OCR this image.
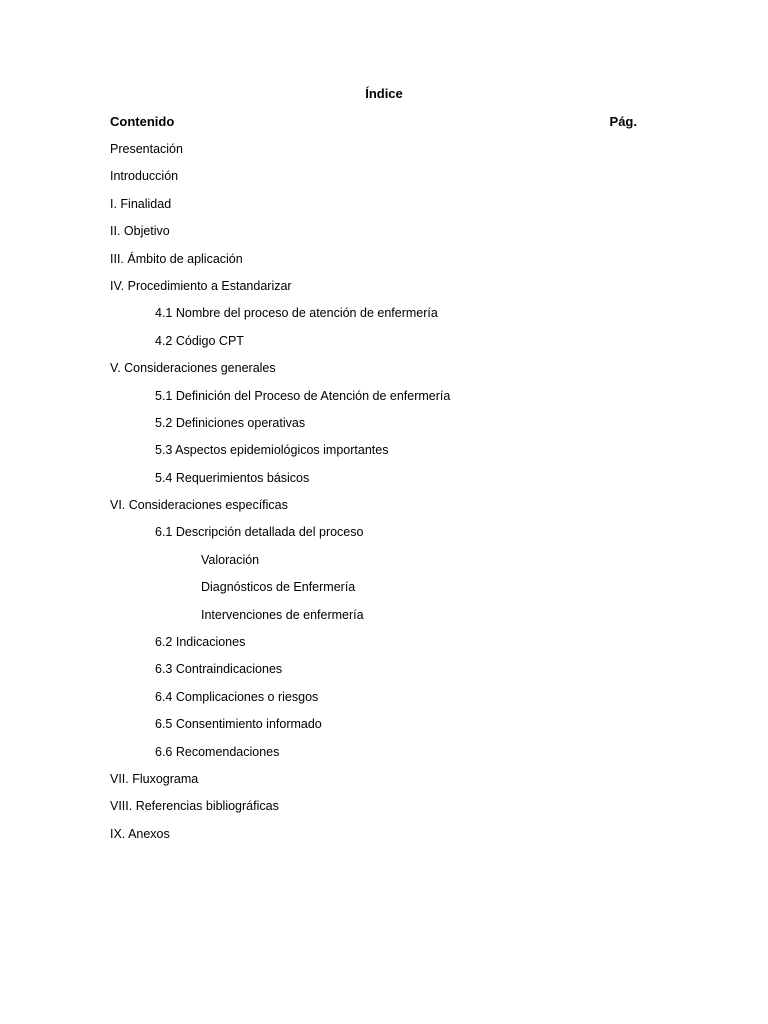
Índice
Contenido	Pág.
Presentación
Introducción
I. Finalidad
II. Objetivo
III. Ámbito de aplicación
IV. Procedimiento a Estandarizar
4.1 Nombre del proceso de atención de enfermería
4.2 Código CPT
V. Consideraciones generales
5.1 Definición del Proceso de Atención de enfermería
5.2 Definiciones operativas
5.3 Aspectos epidemiológicos importantes
5.4 Requerimientos básicos
VI. Consideraciones específicas
6.1 Descripción detallada del proceso
Valoración
Diagnósticos de Enfermería
Intervenciones de enfermería
6.2 Indicaciones
6.3 Contraindicaciones
6.4 Complicaciones o riesgos
6.5 Consentimiento informado
6.6 Recomendaciones
VII. Fluxograma
VIII. Referencias bibliográficas
IX. Anexos
